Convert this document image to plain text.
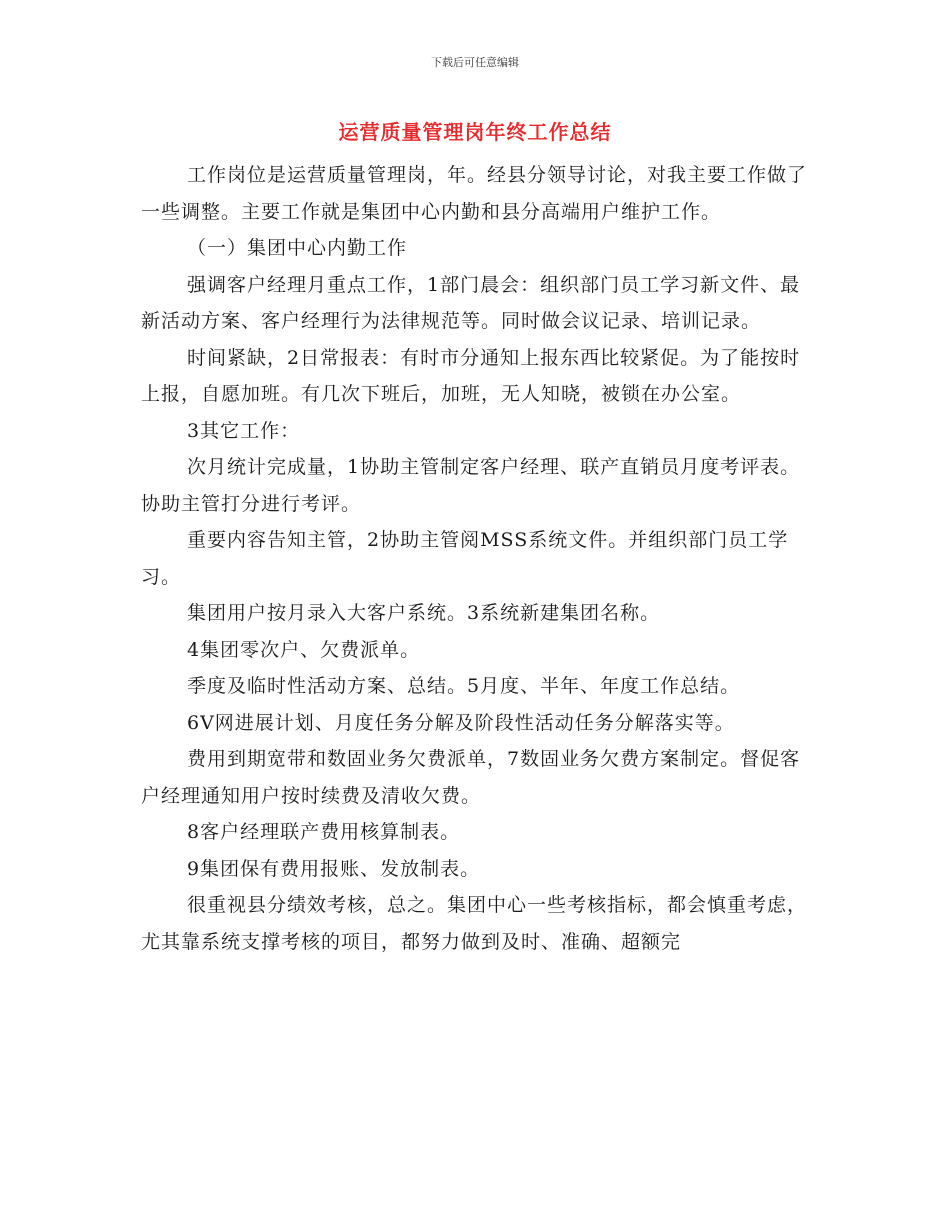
下载后可任意编辑
运营质量管理岗年终工作总结

工作岗位是运营质量管理岗，年。经县分领导讨论，对我主要工作做了一些调整。主要工作就是集团中心内勤和县分高端用户维护工作。

（一）集团中心内勤工作

强调客户经理月重点工作，1部门晨会：组织部门员工学习新文件、最新活动方案、客户经理行为法律规范等。同时做会议记录、培训记录。

时间紧缺，2日常报表：有时市分通知上报东西比较紧促。为了能按时上报，自愿加班。有几次下班后，加班，无人知晓，被锁在办公室。

3其它工作：

次月统计完成量，1协助主管制定客户经理、联产直销员月度考评表。协助主管打分进行考评。

重要内容告知主管，2协助主管阅MSS系统文件。并组织部门员工学习。

集团用户按月录入大客户系统。3系统新建集团名称。

4集团零次户、欠费派单。

季度及临时性活动方案、总结。5月度、半年、年度工作总结。

6V网进展计划、月度任务分解及阶段性活动任务分解落实等。

费用到期宽带和数固业务欠费派单，7数固业务欠费方案制定。督促客户经理通知用户按时续费及清收欠费。

8客户经理联产费用核算制表。

9集团保有费用报账、发放制表。

很重视县分绩效考核，总之。集团中心一些考核指标，都会慎重考虑，尤其靠系统支撑考核的项目，都努力做到及时、准确、超额完
